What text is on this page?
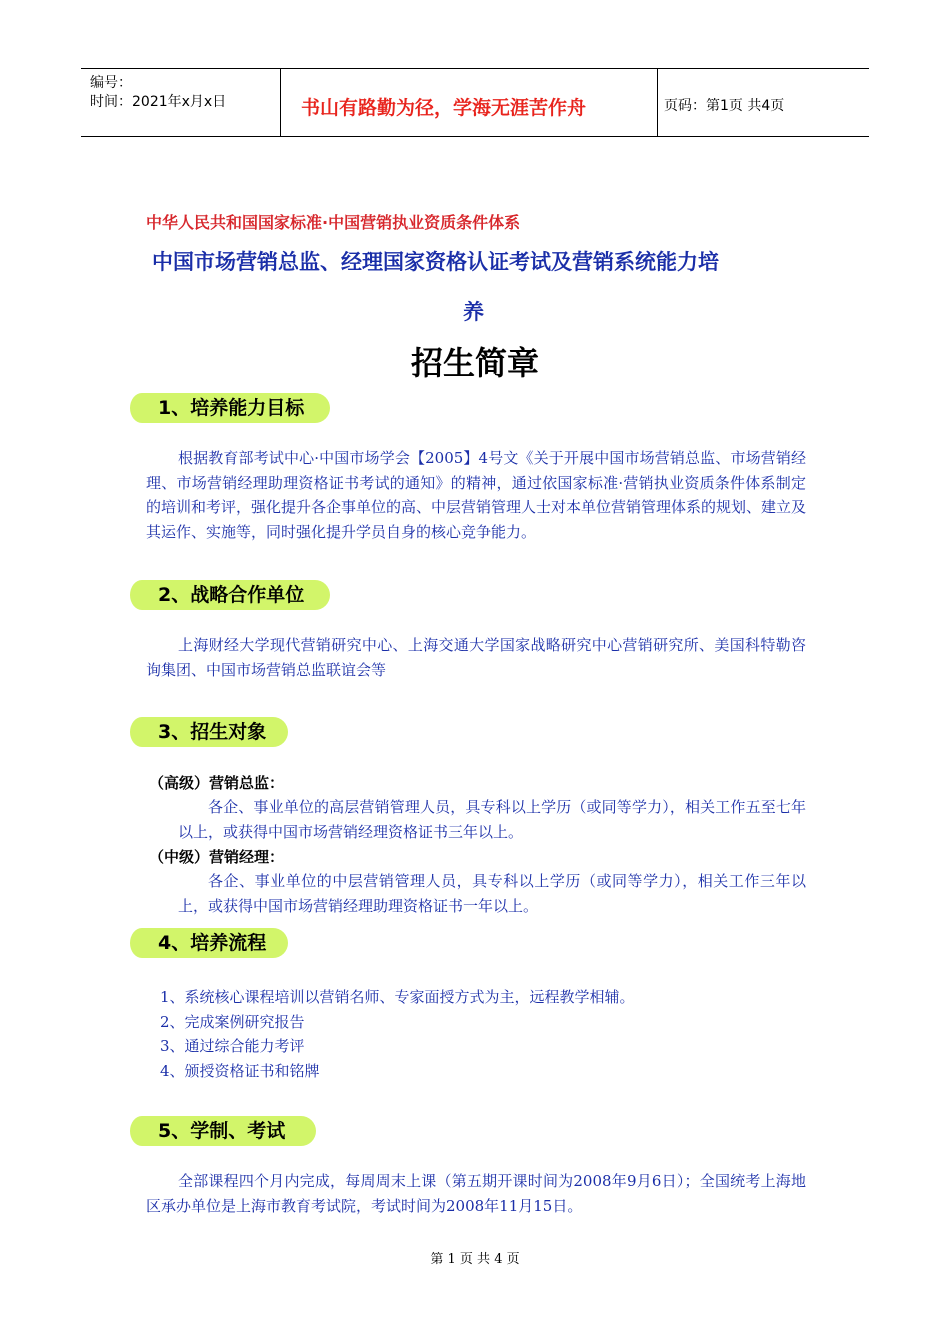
编号：
时间：2021年x月x日	书山有路勤为径，学海无涯苦作舟	页码：第1页 共4页
中华人民共和国国家标准·中国营销执业资质条件体系
中国市场营销总监、经理国家资格认证考试及营销系统能力培
养
招生简章
1、培养能力目标
根据教育部考试中心·中国市场学会【2005】4号文《关于开展中国市场营销总监、市场营销经理、市场营销经理助理资格证书考试的通知》的精神，通过依国家标准·营销执业资质条件体系制定的培训和考评，强化提升各企事单位的高、中层营销管理人士对本单位营销管理体系的规划、建立及其运作、实施等，同时强化提升学员自身的核心竞争能力。
2、战略合作单位
上海财经大学现代营销研究中心、上海交通大学国家战略研究中心营销研究所、美国科特勒咨询集团、中国市场营销总监联谊会等
3、招生对象
（高级）营销总监：
各企、事业单位的高层营销管理人员，具专科以上学历（或同等学力），相关工作五至七年以上，或获得中国市场营销经理资格证书三年以上。
（中级）营销经理：
各企、事业单位的中层营销管理人员，具专科以上学历（或同等学力），相关工作三年以上，或获得中国市场营销经理助理资格证书一年以上。
4、培养流程
1、系统核心课程培训以营销名师、专家面授方式为主，远程教学相辅。
2、完成案例研究报告
3、通过综合能力考评
4、颁授资格证书和铭牌
5、学制、考试
全部课程四个月内完成，每周周末上课（第五期开课时间为2008年9月6日）；全国统考上海地区承办单位是上海市教育考试院，考试时间为2008年11月15日。
第 1 页 共 4 页
